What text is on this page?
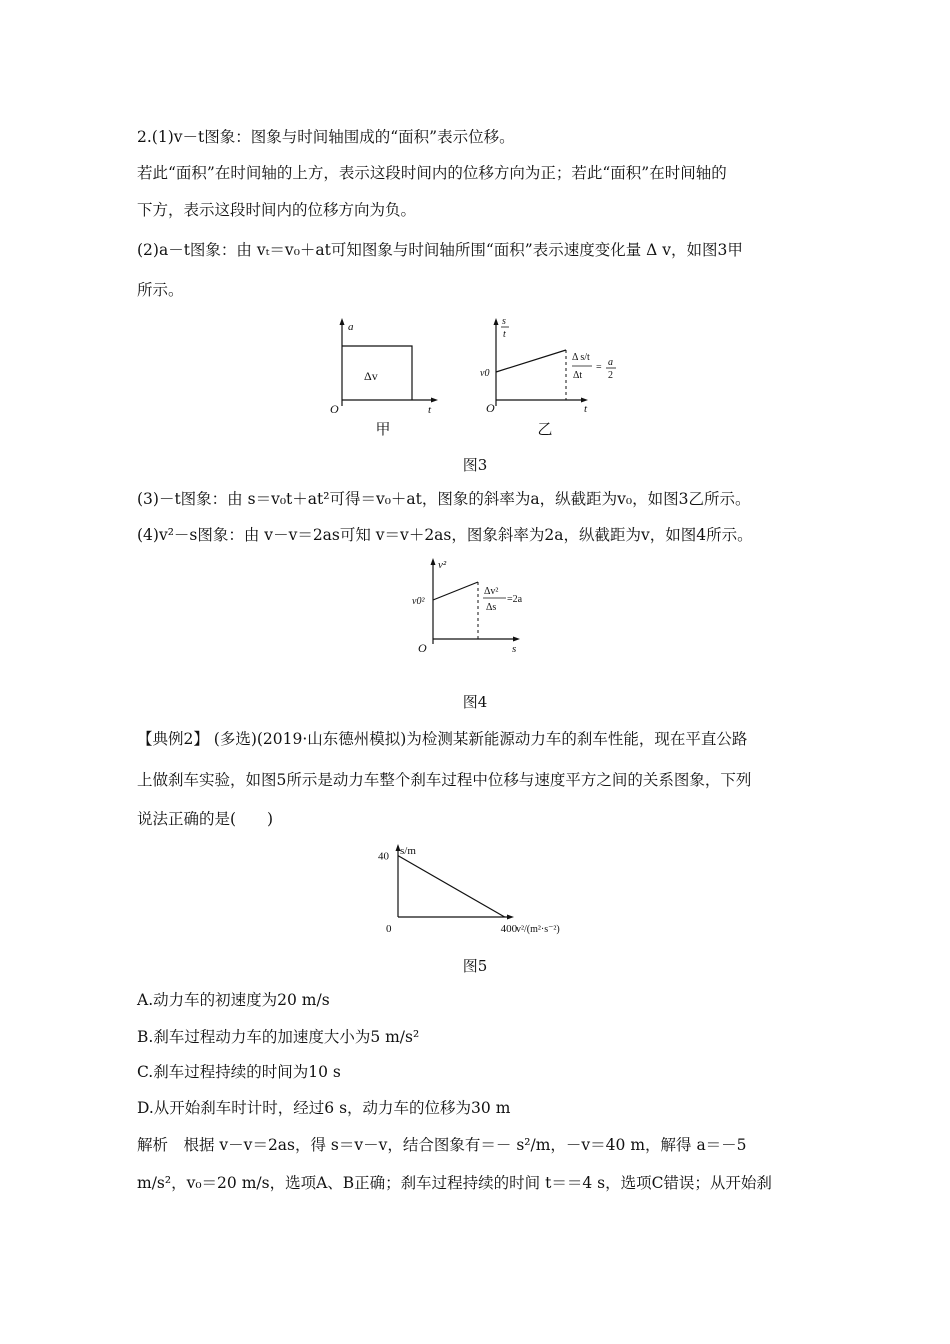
2.(1)v－t图象：图象与时间轴围成的“面积”表示位移。
若此“面积”在时间轴的上方，表示这段时间内的位移方向为正；若此“面积”在时间轴的
下方，表示这段时间内的位移方向为负。
(2)a－t图象：由 vₜ＝v₀＋at可知图象与时间轴所围“面积”表示速度变化量 Δ v，如图3甲
所示。
a
t
O
Δv
甲
s
t
t
O
v0
Δ s/t
Δt
= a
2
乙
图3
(3)－t图象：由 s＝v₀t＋at²可得＝v₀＋at，图象的斜率为a，纵截距为v₀，如图3乙所示。
(4)v²－s图象：由 v－v＝2as可知 v＝v＋2as，图象斜率为2a，纵截距为v，如图4所示。
v²
s
O
v0²
Δv²
Δs
=2a
图4
【典例2】 (多选)(2019·山东德州模拟)为检测某新能源动力车的刹车性能，现在平直公路
上做刹车实验，如图5所示是动力车整个刹车过程中位移与速度平方之间的关系图象，下列
说法正确的是(　　)
s/m
v²/(m²·s⁻²)
40
0	400
图5
A.动力车的初速度为20 m/s
B.刹车过程动力车的加速度大小为5 m/s²
C.刹车过程持续的时间为10 s
D.从开始刹车时计时，经过6 s，动力车的位移为30 m
解析　根据 v－v＝2as，得 s＝v－v，结合图象有＝－ s²/m，－v＝40 m，解得 a＝－5
m/s²，v₀＝20 m/s，选项A、B正确；刹车过程持续的时间 t＝＝4 s，选项C错误；从开始刹
